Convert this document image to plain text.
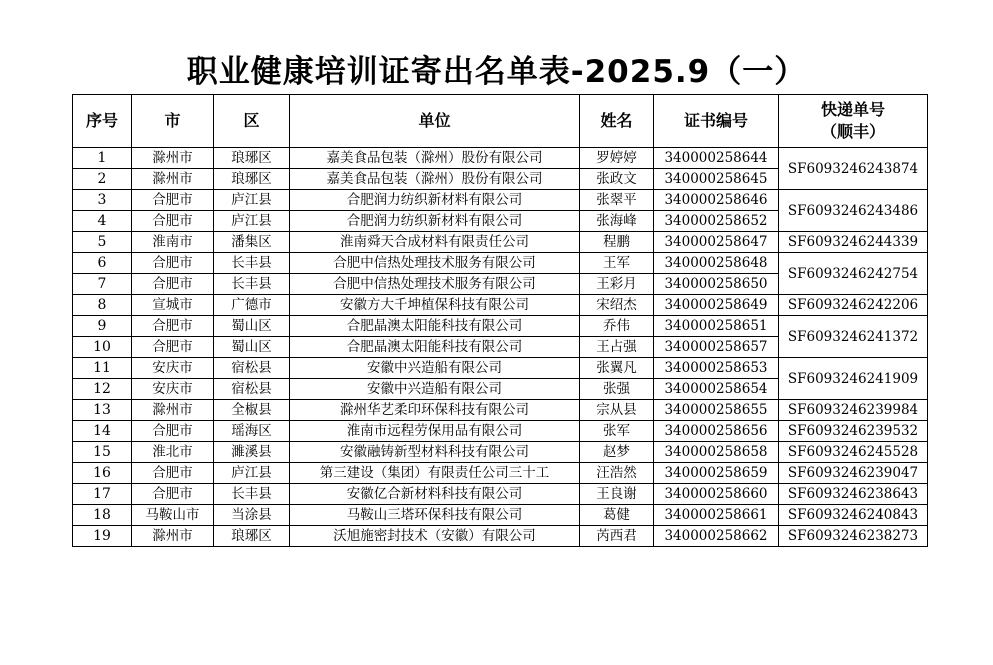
职业健康培训证寄出名单表-2025.9（一）
序号	市	区	单位	姓名	证书编号	快递单号
（顺丰）
1	滁州市	琅琊区	嘉美食品包装（滁州）股份有限公司	罗婷婷	340000258644	SF6093246243874
2	滁州市	琅琊区	嘉美食品包装（滁州）股份有限公司	张政文	340000258645	
3	合肥市	庐江县	合肥润力纺织新材料有限公司	张翠平	340000258646	SF6093246243486
4	合肥市	庐江县	合肥润力纺织新材料有限公司	张海峰	340000258652	
5	淮南市	潘集区	淮南舜天合成材料有限责任公司	程鹏	340000258647	SF6093246244339
6	合肥市	长丰县	合肥中信热处理技术服务有限公司	王军	340000258648	SF6093246242754
7	合肥市	长丰县	合肥中信热处理技术服务有限公司	王彩月	340000258650	
8	宣城市	广德市	安徽方大千坤植保科技有限公司	宋绍杰	340000258649	SF6093246242206
9	合肥市	蜀山区	合肥晶澳太阳能科技有限公司	乔伟	340000258651	SF6093246241372
10	合肥市	蜀山区	合肥晶澳太阳能科技有限公司	王占强	340000258657	
11	安庆市	宿松县	安徽中兴造船有限公司	张翼凡	340000258653	SF6093246241909
12	安庆市	宿松县	安徽中兴造船有限公司	张强	340000258654	
13	滁州市	全椒县	滁州华艺柔印环保科技有限公司	宗从县	340000258655	SF6093246239984
14	合肥市	瑶海区	淮南市远程劳保用品有限公司	张军	340000258656	SF6093246239532
15	淮北市	濉溪县	安徽融铸新型材料科技有限公司	赵梦	340000258658	SF6093246245528
16	合肥市	庐江县	第三建设（集团）有限责任公司三十工	汪浩然	340000258659	SF6093246239047
17	合肥市	长丰县	安徽亿合新材料科技有限公司	王良谢	340000258660	SF6093246238643
18	马鞍山市	当涂县	马鞍山三塔环保科技有限公司	葛健	340000258661	SF6093246240843
19	滁州市	琅琊区	沃旭施密封技术（安徽）有限公司	芮西君	340000258662	SF6093246238273
